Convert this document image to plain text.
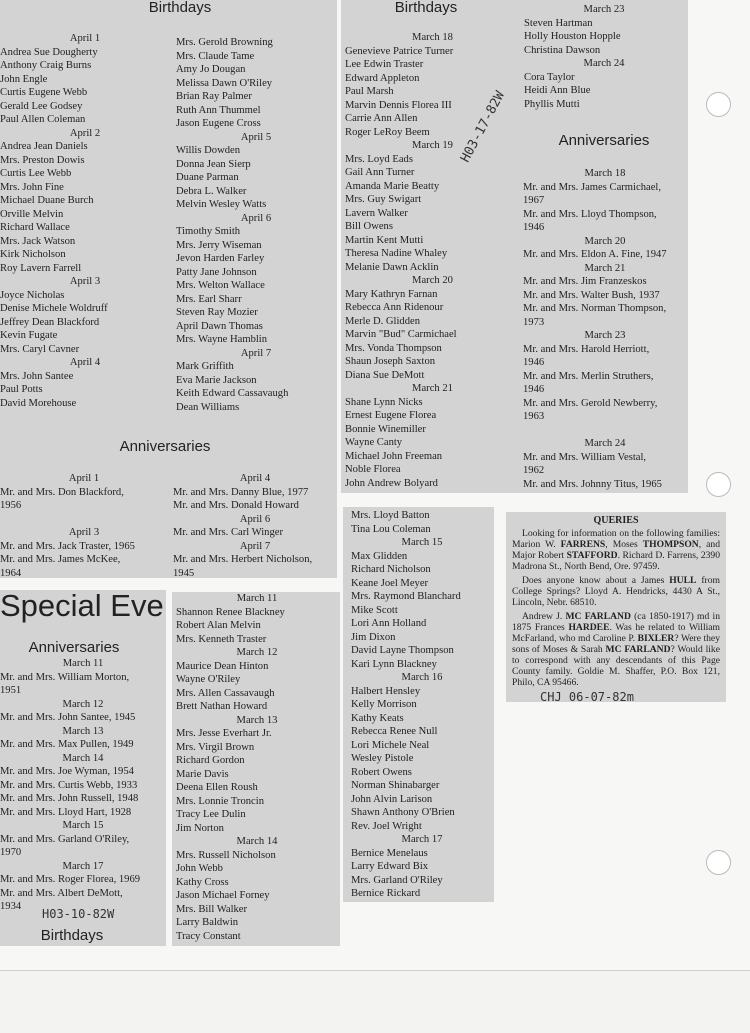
Birthdays
April 1
Andrea Sue Dougherty
Anthony Craig Burns
John Engle
Curtis Eugene Webb
Gerald Lee Godsey
Paul Allen Coleman
April 2
Andrea Jean Daniels
Mrs. Preston Dowis
Curtis Lee Webb
Mrs. John Fine
Michael Duane Burch
Orville Melvin
Richard Wallace
Mrs. Jack Watson
Kirk Nicholson
Roy Lavern Farrell
April 3
Joyce Nicholas
Denise Michele Woldruff
Jeffrey Dean Blackford
Kevin Fugate
Mrs. Caryl Cavner
April 4
Mrs. John Santee
Paul Potts
David Morehouse
Mrs. Gerold Browning
Mrs. Claude Tame
Amy Jo Dougan
Melissa Dawn O'Riley
Brian Ray Palmer
Ruth Ann Thummel
Jason Eugene Cross
April 5
Willis Dowden
Donna Jean Sierp
Duane Parman
Debra L. Walker
Melvin Wesley Watts
April 6
Timothy Smith
Mrs. Jerry Wiseman
Jevon Harden Farley
Patty Jane Johnson
Mrs. Welton Wallace
Mrs. Earl Sharr
Steven Ray Mozier
April Dawn Thomas
Mrs. Wayne Hamblin
April 7
Mark Griffith
Eva Marie Jackson
Keith Edward Cassavaugh
Dean Williams
Anniversaries
April 1
Mr. and Mrs. Don Blackford,
1956

April 3
Mr. and Mrs. Jack Traster, 1965
Mr. and Mrs. James McKee,
1964
April 4
Mr. and Mrs. Danny Blue, 1977
Mr. and Mrs. Donald Howard
April 6
Mr. and Mrs. Carl Winger
April 7
Mr. and Mrs. Herbert Nicholson,
1945
Birthdays
March 18
Genevieve Patrice Turner
Lee Edwin Traster
Edward Appleton
Paul Marsh
Marvin Dennis Florea III
Carrie Ann Allen
Roger LeRoy Beem
March 19
Mrs. Loyd Eads
Gail Ann Turner
Amanda Marie Beatty
Mrs. Guy Swigart
Lavern Walker
Bill Owens
Martin Kent Mutti
Theresa Nadine Whaley
Melanie Dawn Acklin
March 20
Mary Kathryn Farnan
Rebecca Ann Ridenour
Merle D. Glidden
Marvin "Bud" Carmichael
Mrs. Vonda Thompson
Shaun Joseph Saxton
Diana Sue DeMott
March 21
Shane Lynn Nicks
Ernest Eugene Florea
Bonnie Winemiller
Wayne Canty
Michael John Freeman
Noble Florea
John Andrew Bolyard
March 23
Steven Hartman
Holly Houston Hopple
Christina Dawson
March 24
Cora Taylor
Heidi Ann Blue
Phyllis Mutti
Anniversaries
March 18
Mr. and Mrs. James Carmichael,
1967
Mr. and Mrs. Lloyd Thompson,
1946
March 20
Mr. and Mrs. Eldon A. Fine, 1947
March 21
Mr. and Mrs. Jim Franzeskos
Mr. and Mrs. Walter Bush, 1937
Mr. and Mrs. Norman Thompson,
1973
March 23
Mr. and Mrs. Harold Herriott,
1946
Mr. and Mrs. Merlin Struthers,
1946
Mr. and Mrs. Gerold Newberry,
1963

March 24
Mr. and Mrs. William Vestal,
1962
Mr. and Mrs. Johnny Titus, 1965
H03-17-82W
Special Eve
Anniversaries
March 11
Mr. and Mrs. William Morton,
1951
March 12
Mr. and Mrs. John Santee, 1945
March 13
Mr. and Mrs. Max Pullen, 1949
March 14
Mr. and Mrs. Joe Wyman, 1954
Mr. and Mrs. Curtis Webb, 1933
Mr. and Mrs. John Russell, 1948
Mr. and Mrs. Lloyd Hart, 1928
March 15
Mr. and Mrs. Garland O'Riley,
1970
March 17
Mr. and Mrs. Roger Florea, 1969
Mr. and Mrs. Albert DeMott,
1934
Birthdays
H03-10-82W
March 11
Shannon Renee Blackney
Robert Alan Melvin
Mrs. Kenneth Traster
March 12
Maurice Dean Hinton
Wayne O'Riley
Mrs. Allen Cassavaugh
Brett Nathan Howard
March 13
Mrs. Jesse Everhart Jr.
Mrs. Virgil Brown
Richard Gordon
Marie Davis
Deena Ellen Roush
Mrs. Lonnie Troncin
Tracy Lee Dulin
Jim Norton
March 14
Mrs. Russell Nicholson
John Webb
Kathy Cross
Jason Michael Forney
Mrs. Bill Walker
Larry Baldwin
Tracy Constant
Mrs. Lloyd Batton
Tina Lou Coleman
March 15
Max Glidden
Richard Nicholson
Keane Joel Meyer
Mrs. Raymond Blanchard
Mike Scott
Lori Ann Holland
Jim Dixon
David Layne Thompson
Kari Lynn Blackney
March 16
Halbert Hensley
Kelly Morrison
Kathy Keats
Rebecca Renee Null
Lori Michele Neal
Wesley Pistole
Robert Owens
Norman Shinabarger
John Alvin Larison
Shawn Anthony O'Brien
Rev. Joel Wright
March 17
Bernice Menelaus
Larry Edward Bix
Mrs. Garland O'Riley
Bernice Rickard
QUERIES

Looking for information on the following families: Marion W. FARRENS, Moses THOMPSON, and Major Robert STAFFORD. Richard D. Farrens, 2390 Madrona St., North Bend, Ore. 97459.

Does anyone know about a James HULL from College Springs? Lloyd A. Hendricks, 4430 A St., Lincoln, Nebr. 68510.

Andrew J. MC FARLAND (ca 1850-1917) md in 1875 Frances HARDEE. Was he related to William McFarland, who md Caroline P. BIXLER? Were they sons of Moses & Sarah MC FARLAND? Would like to correspond with any descendants of this Page County family. Goldie M. Shaffer, P.O. Box 121, Philo, CA 95466.

CHJ 06-07-82m
